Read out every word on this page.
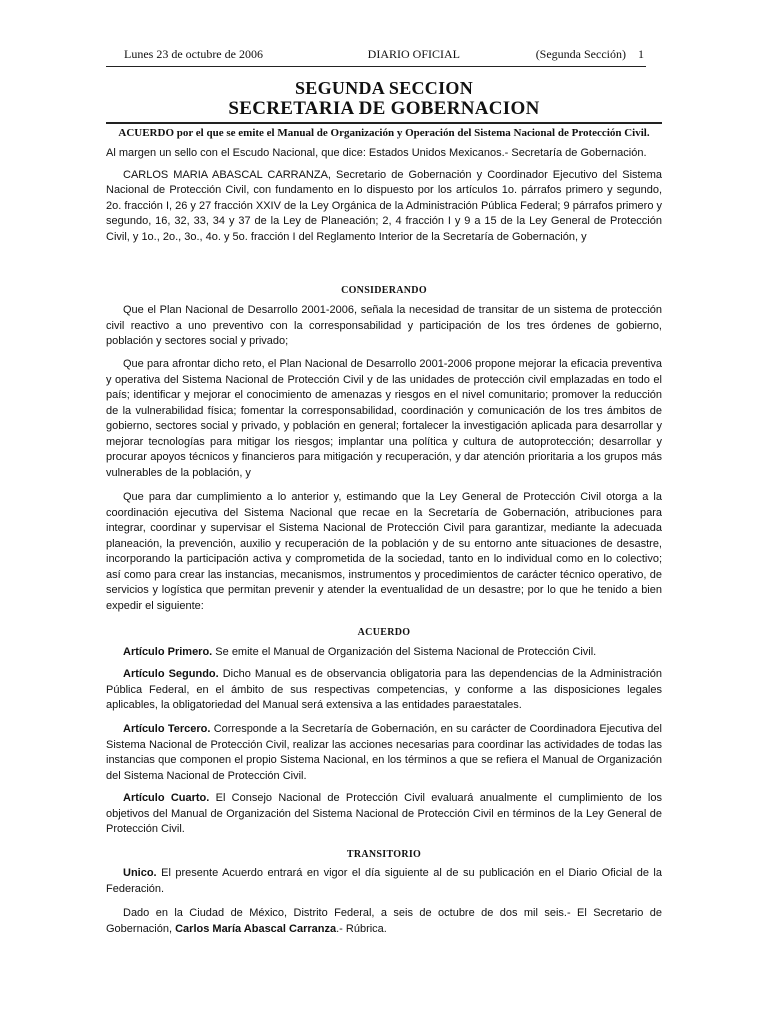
Lunes 23 de octubre de 2006	DIARIO OFICIAL	(Segunda Sección) 1
SEGUNDA SECCION
SECRETARIA DE GOBERNACION
ACUERDO por el que se emite el Manual de Organización y Operación del Sistema Nacional de Protección Civil.

Al margen un sello con el Escudo Nacional, que dice: Estados Unidos Mexicanos.- Secretaría de Gobernación.

CARLOS MARIA ABASCAL CARRANZA, Secretario de Gobernación y Coordinador Ejecutivo del Sistema Nacional de Protección Civil, con fundamento en lo dispuesto por los artículos 1o. párrafos primero y segundo, 2o. fracción I, 26 y 27 fracción XXIV de la Ley Orgánica de la Administración Pública Federal; 9 párrafos primero y segundo, 16, 32, 33, 34 y 37 de la Ley de Planeación; 2, 4 fracción I y 9 a 15 de la Ley General de Protección Civil, y 1o., 2o., 3o., 4o. y 5o. fracción I del Reglamento Interior de la Secretaría de Gobernación, y

CONSIDERANDO

Que el Plan Nacional de Desarrollo 2001-2006, señala la necesidad de transitar de un sistema de protección civil reactivo a uno preventivo con la corresponsabilidad y participación de los tres órdenes de gobierno, población y sectores social y privado;

Que para afrontar dicho reto, el Plan Nacional de Desarrollo 2001-2006 propone mejorar la eficacia preventiva y operativa del Sistema Nacional de Protección Civil y de las unidades de protección civil emplazadas en todo el país; identificar y mejorar el conocimiento de amenazas y riesgos en el nivel comunitario; promover la reducción de la vulnerabilidad física; fomentar la corresponsabilidad, coordinación y comunicación de los tres ámbitos de gobierno, sectores social y privado, y población en general; fortalecer la investigación aplicada para desarrollar y mejorar tecnologías para mitigar los riesgos; implantar una política y cultura de autoprotección; desarrollar y procurar apoyos técnicos y financieros para mitigación y recuperación, y dar atención prioritaria a los grupos más vulnerables de la población, y

Que para dar cumplimiento a lo anterior y, estimando que la Ley General de Protección Civil otorga a la coordinación ejecutiva del Sistema Nacional que recae en la Secretaría de Gobernación, atribuciones para integrar, coordinar y supervisar el Sistema Nacional de Protección Civil para garantizar, mediante la adecuada planeación, la prevención, auxilio y recuperación de la población y de su entorno ante situaciones de desastre, incorporando la participación activa y comprometida de la sociedad, tanto en lo individual como en lo colectivo; así como para crear las instancias, mecanismos, instrumentos y procedimientos de carácter técnico operativo, de servicios y logística que permitan prevenir y atender la eventualidad de un desastre; por lo que he tenido a bien expedir el siguiente:

ACUERDO

Artículo Primero. Se emite el Manual de Organización del Sistema Nacional de Protección Civil.

Artículo Segundo. Dicho Manual es de observancia obligatoria para las dependencias de la Administración Pública Federal, en el ámbito de sus respectivas competencias, y conforme a las disposiciones legales aplicables, la obligatoriedad del Manual será extensiva a las entidades paraestatales.

Artículo Tercero. Corresponde a la Secretaría de Gobernación, en su carácter de Coordinadora Ejecutiva del Sistema Nacional de Protección Civil, realizar las acciones necesarias para coordinar las actividades de todas las instancias que componen el propio Sistema Nacional, en los términos a que se refiera el Manual de Organización del Sistema Nacional de Protección Civil.

Artículo Cuarto. El Consejo Nacional de Protección Civil evaluará anualmente el cumplimiento de los objetivos del Manual de Organización del Sistema Nacional de Protección Civil en términos de la Ley General de Protección Civil.

TRANSITORIO

Unico. El presente Acuerdo entrará en vigor el día siguiente al de su publicación en el Diario Oficial de la Federación.

Dado en la Ciudad de México, Distrito Federal, a seis de octubre de dos mil seis.- El Secretario de Gobernación, Carlos María Abascal Carranza.- Rúbrica.
